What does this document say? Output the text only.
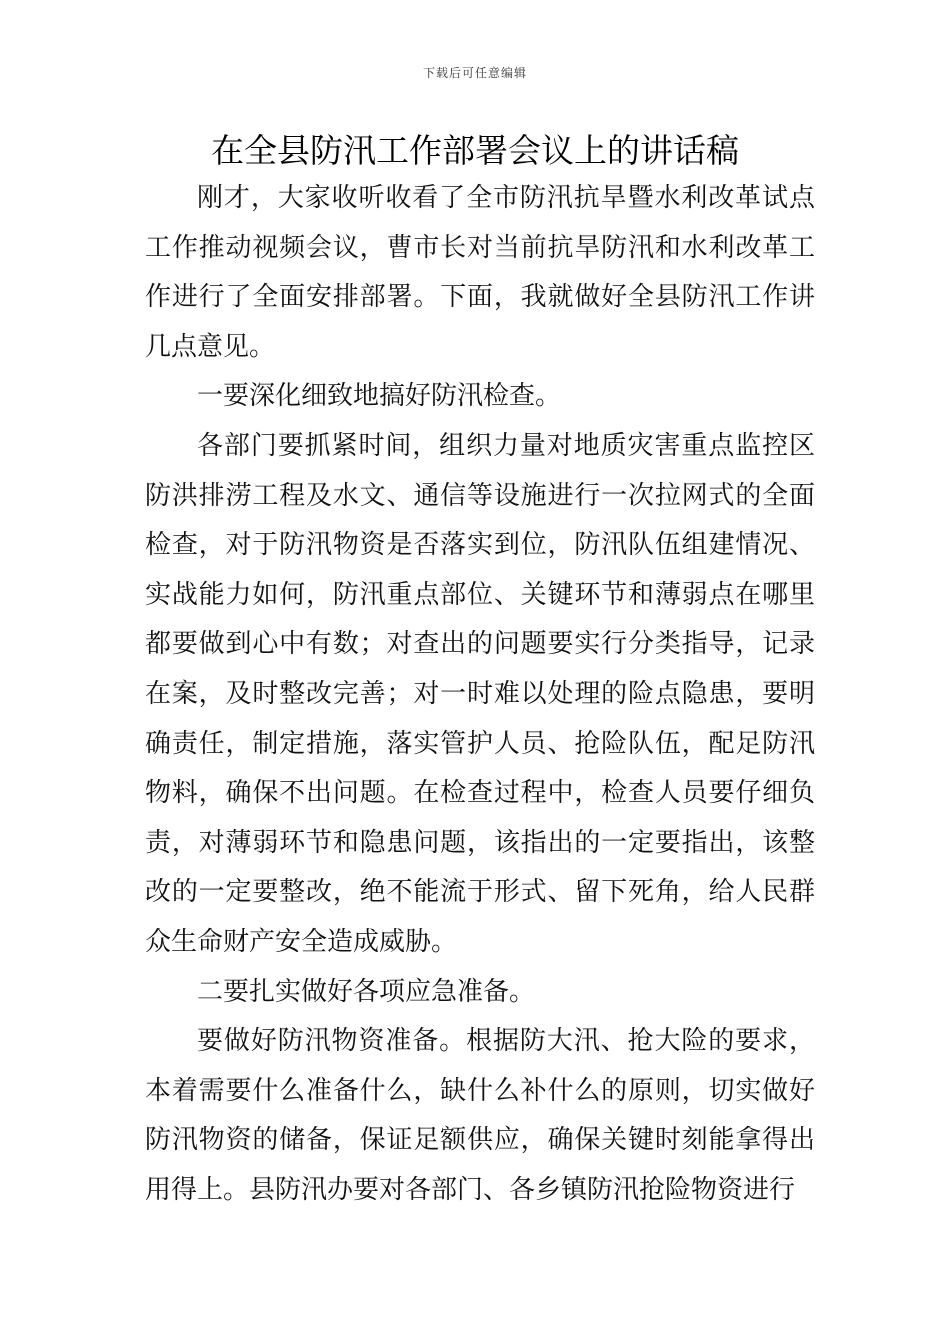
下载后可任意编辑
在全县防汛工作部署会议上的讲话稿

刚才，大家收听收看了全市防汛抗旱暨水利改革试点工作推动视频会议，曹市长对当前抗旱防汛和水利改革工作进行了全面安排部署。下面，我就做好全县防汛工作讲几点意见。

一要深化细致地搞好防汛检查。

各部门要抓紧时间，组织力量对地质灾害重点监控区防洪排涝工程及水文、通信等设施进行一次拉网式的全面检查，对于防汛物资是否落实到位，防汛队伍组建情况、实战能力如何，防汛重点部位、关键环节和薄弱点在哪里都要做到心中有数；对查出的问题要实行分类指导，记录在案，及时整改完善；对一时难以处理的险点隐患，要明确责任，制定措施，落实管护人员、抢险队伍，配足防汛物料，确保不出问题。在检查过程中，检查人员要仔细负责，对薄弱环节和隐患问题，该指出的一定要指出，该整改的一定要整改，绝不能流于形式、留下死角，给人民群众生命财产安全造成威胁。

二要扎实做好各项应急准备。

要做好防汛物资准备。根据防大汛、抢大险的要求，本着需要什么准备什么，缺什么补什么的原则，切实做好防汛物资的储备，保证足额供应，确保关键时刻能拿得出用得上。县防汛办要对各部门、各乡镇防汛抢险物资进行
